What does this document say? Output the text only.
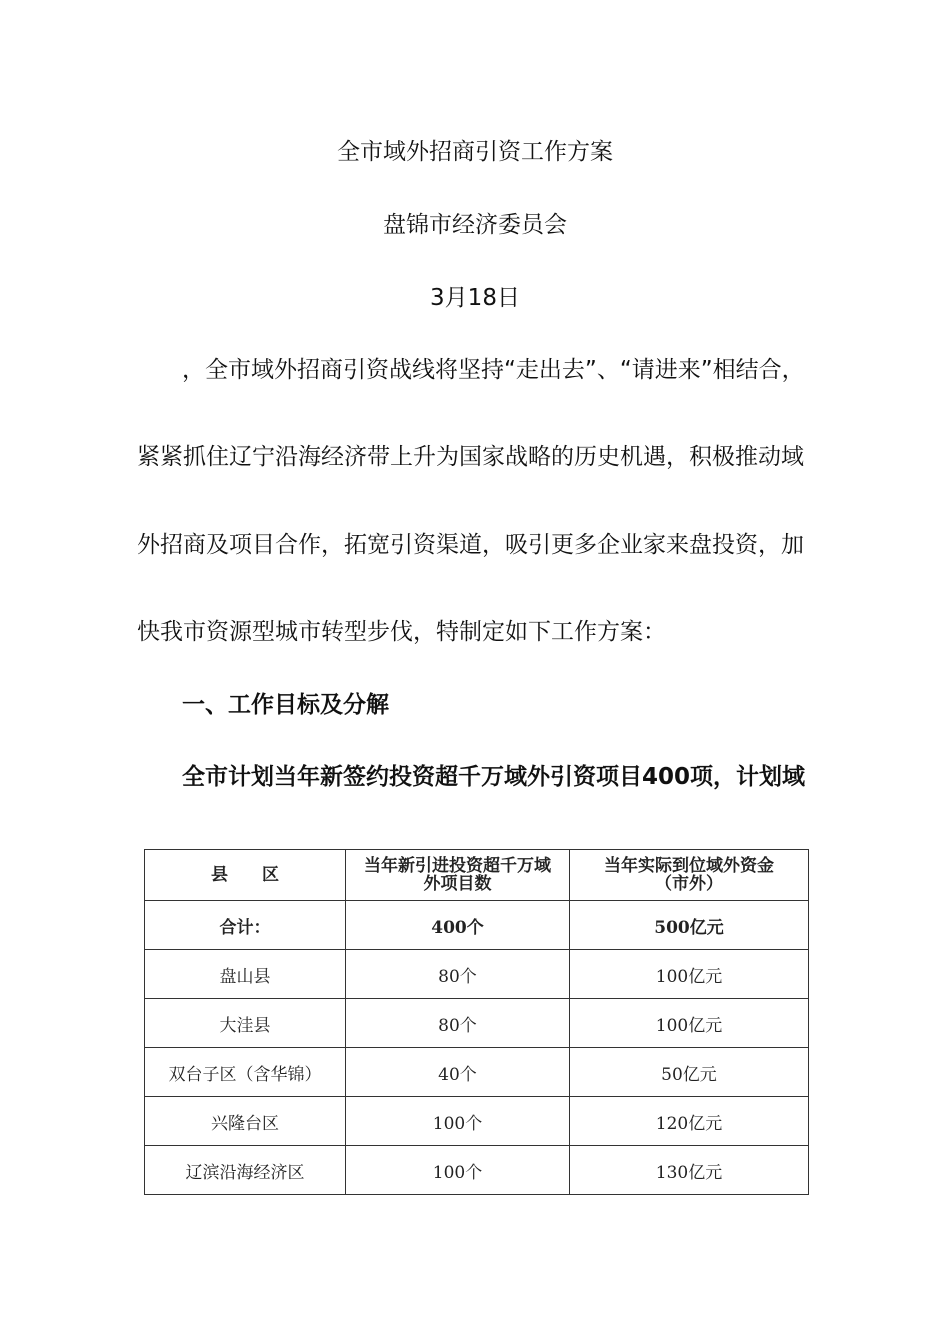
全市域外招商引资工作方案
盘锦市经济委员会
3月18日
，全市域外招商引资战线将坚持“走出去”、“请进来”相结合，
紧紧抓住辽宁沿海经济带上升为国家战略的历史机遇，积极推动域
外招商及项目合作，拓宽引资渠道，吸引更多企业家来盘投资，加
快我市资源型城市转型步伐，特制定如下工作方案：
一、工作目标及分解
全市计划当年新签约投资超千万域外引资项目400项，计划域
县　　区	当年新引进投资超千万域外项目数	当年实际到位域外资金（市外）
合计：	400个	500亿元
盘山县	80个	100亿元
大洼县	80个	100亿元
双台子区（含华锦）	40个	50亿元
兴隆台区	100个	120亿元
辽滨沿海经济区	100个	130亿元
